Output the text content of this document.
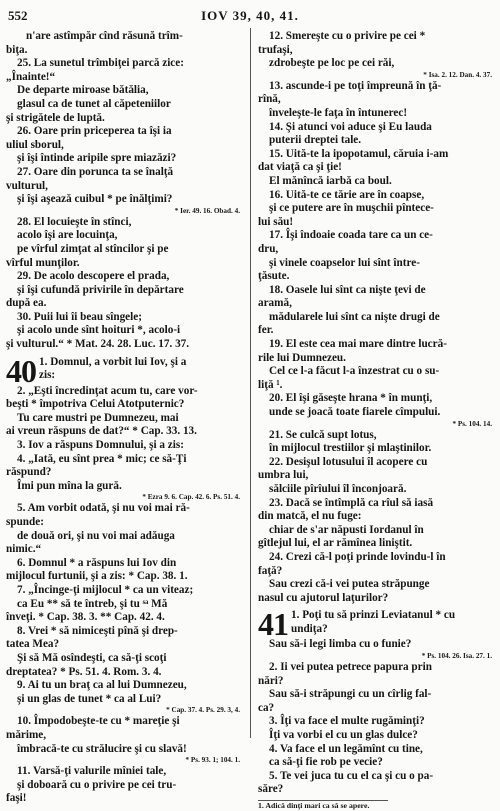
552	IOV 39, 40, 41.
n'are astîmpăr cînd răsună trîm-
biţa.
25. La sunetul trîmbiţei parcă zice:
„Înainte!“
De departe miroase bătălia,
glasul ca de tunet al căpeteniilor
şi strigătele de luptă.
26. Oare prin priceperea ta îşi ia
uliul sborul,
şi îşi întinde aripile spre miazăzi?
27. Oare din porunca ta se înalţă
vulturul,
şi îşi aşează cuibul * pe înălţimi?
* Ier. 49. 16. Obad. 4.
28. El locuieşte în stînci,
acolo îşi are locuinţa,
pe vîrful zimţat al stîncilor şi pe
vîrful munţilor.
29. De acolo descopere el prada,
şi îşi cufundă privirile în depărtare
după ea.
30. Puii lui îi beau sîngele;
şi acolo unde sînt hoituri *, acolo-i
şi vulturul.“ * Mat. 24. 28. Luc. 17. 37.
40 1. Domnul, a vorbit lui Iov, şi a
zis:
2. „Eşti încredinţat acum tu, care vor-
beşti * împotriva Celui Atotputernic?
Tu care mustri pe Dumnezeu, mai
ai vreun răspuns de dat?“ * Cap. 33. 13.
3. Iov a răspuns Domnului, şi a zis:
4. „Iată, eu sînt prea * mic; ce să-Ţi
răspund?
Îmi pun mîna la gură.
* Ezra 9. 6. Cap. 42. 6. Ps. 51. 4.
5. Am vorbit odată, şi nu voi mai ră-
spunde:
de două ori, şi nu voi mai adăuga
nimic.“
6. Domnul * a răspuns lui Iov din
mijlocul furtunii, şi a zis: * Cap. 38. 1.
7. „Încinge-ţi mijlocul * ca un viteaz;
ca Eu ** să te întreb, şi tu ˢᵃ Mă
înveţi. * Cap. 38. 3. ** Cap. 42. 4.
8. Vrei * să nimiceşti pînă şi drep-
tatea Mea?
Şi să Mă osîndeşti, ca să-ţi scoţi
dreptatea? * Ps. 51. 4. Rom. 3. 4.
9. Ai tu un braţ ca al lui Dumnezeu,
şi un glas de tunet * ca al Lui?
* Cap. 37. 4. Ps. 29. 3, 4.
10. Împodobeşte-te cu * mareţie şi
mărime,
îmbracă-te cu strălucire şi cu slavă!
* Ps. 93. 1; 104. 1.
11. Varsă-ţi valurile mîniei tale,
şi doboară cu o privire pe cei tru-
faşi!
12. Smereşte cu o privire pe cei *
trufaşi,
zdrobeşte pe loc pe cei răi,
* Isa. 2. 12. Dan. 4. 37.
13. ascunde-i pe toţi împreună în ţă-
rînă,
înveleşte-le faţa în întunerec!
14. Şi atunci voi aduce şi Eu lauda
puterii dreptei tale.
15. Uită-te la ipopotamul, căruia i-am
dat viaţă ca şi ţie!
El mănîncă iarbă ca boul.
16. Uită-te ce tărie are în coapse,
şi ce putere are în muşchii pîntece-
lui său!
17. Îşi îndoaie coada tare ca un ce-
dru,
şi vinele coapselor lui sînt între-
ţăsute.
18. Oasele lui sînt ca nişte ţevi de
aramă,
mădularele lui sînt ca nişte drugi de
fer.
19. El este cea mai mare dintre lucră-
rile lui Dumnezeu.
Cel ce l-a făcut l-a înzestrat cu o su-
liţă ¹.
20. El îşi găseşte hrana * în munţi,
unde se joacă toate fiarele cîmpului.
* Ps. 104. 14.
21. Se culcă supt lotus,
în mijlocul trestiilor şi mlaştinilor.
22. Desişul lotusului îl acopere cu
umbra lui,
sălciile pîrîului îl înconjoară.
23. Dacă se întîmplă ca rîul să iasă
din matcă, el nu fuge:
chiar de s'ar năpusti Iordanul în
gîtlejul lui, el ar rămînea liniştit.
24. Crezi că-l poţi prinde lovindu-l în
faţă?
Sau crezi că-i vei putea străpunge
nasul cu ajutorul laţurilor?
41 1. Poţi tu să prinzi Leviatanul * cu
undiţa?
Sau să-i legi limba cu o funie?
* Ps. 104. 26. Isa. 27. 1.
2. Ii vei putea petrece papura prin
nări?
Sau să-i străpungi cu un cîrlig fal-
ca?
3. Îţi va face el multe rugăminţi?
Îţi va vorbi el cu un glas dulce?
4. Va face el un legămînt cu tine,
ca să-ţi fie rob pe vecie?
5. Te vei juca tu cu el ca şi cu o pa-
săre?
1. Adică dinţi mari ca să se apere.
